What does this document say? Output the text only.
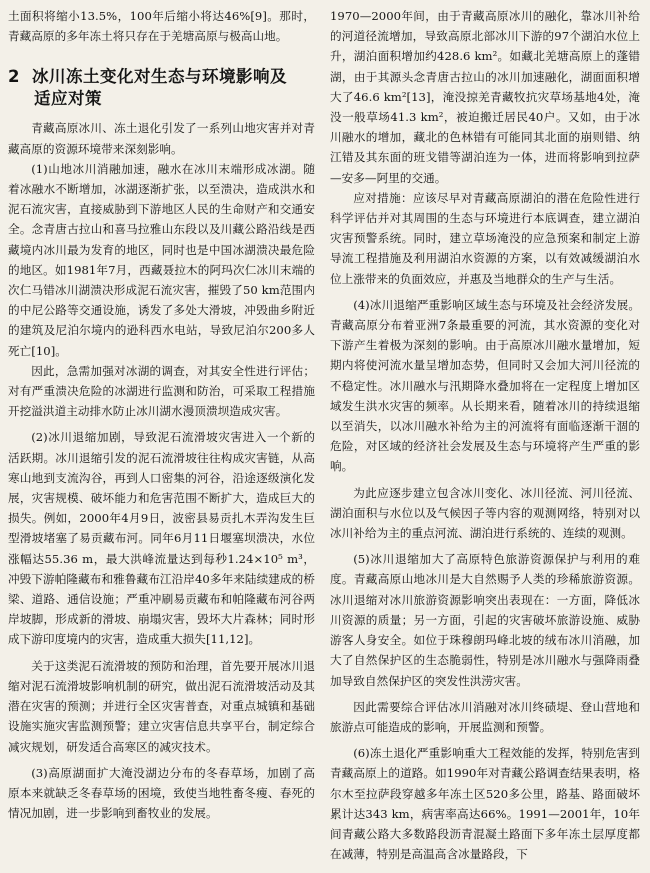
土面积将缩小13.5%，100年后缩小将达46%[9]。那时，青藏高原的多年冻土将只存在于羌塘高原与极高山地。

2 冰川冻土变化对生态与环境影响及
适应对策

青藏高原冰川、冻土退化引发了一系列山地灾害并对青藏高原的资源环境带来深刻影响。

(1)山地冰川消融加速，融水在冰川末端形成冰湖。随着冰融水不断增加，冰湖逐渐扩张，以至溃决，造成洪水和泥石流灾害，直接威胁到下游地区人民的生命财产和交通安全。念青唐古拉山和喜马拉雅山东段以及川藏公路沿线是西藏境内冰川最为发育的地区，同时也是中国冰湖溃决最危险的地区。如1981年7月，西藏聂拉木的阿玛次仁冰川末端的次仁马错冰川湖溃决形成泥石流灾害，摧毁了50 km范围内的中尼公路等交通设施，诱发了多处大滑坡，冲毁曲乡附近的建筑及尼泊尔境内的逊科西水电站，导致尼泊尔200多人死亡[10]。

因此，急需加强对冰湖的调查，对其安全性进行评估；对有严重溃决危险的冰湖进行监测和防治，可采取工程措施开挖溢洪道主动排水防止冰川湖水漫顶溃坝造成灾害。

(2)冰川退缩加剧，导致泥石流滑坡灾害进入一个新的活跃期。冰川退缩引发的泥石流滑坡往往构成灾害链，从高寒山地到支流沟谷，再到人口密集的河谷，沿途逐级演化发展，灾害规模、破坏能力和危害范围不断扩大，造成巨大的损失。例如，2000年4月9日，波密县易贡扎木弄沟发生巨型滑坡堵塞了易贡藏布河。同年6月11日堰塞坝溃决，水位涨幅达55.36 m，最大洪峰流量达到每秒1.24×10⁵ m³，冲毁下游帕隆藏布和雅鲁藏布江沿岸40多年来陆续建成的桥梁、道路、通信设施；严重冲刷易贡藏布和帕隆藏布河谷两岸坡脚，形成新的滑坡、崩塌灾害，毁坏大片森林；同时形成下游印度境内的灾害，造成重大损失[11,12]。

关于这类泥石流滑坡的预防和治理，首先要开展冰川退缩对泥石流滑坡影响机制的研究，做出泥石流滑坡活动及其潜在灾害的预测；并进行全区灾害普查，对重点城镇和基础设施实施灾害监测预警；建立灾害信息共享平台，制定综合减灾规划，研发适合高寒区的减灾技术。

(3)高原湖面扩大淹没湖边分布的冬春草场，加剧了高原本来就缺乏冬春草场的困境，致使当地牲畜冬瘦、春死的情况加剧，进一步影响到畜牧业的发展。

1970—2000年间，由于青藏高原冰川的融化，靠冰川补给的河道径流增加，导致高原北部冰川下游的97个湖泊水位上升，湖泊面积增加约428.6 km²。如藏北羌塘高原上的蓬错湖，由于其源头念青唐古拉山的冰川加速融化，湖面面积增大了46.6 km²[13]，淹没掠羌青藏牧抗灾草场基地4处，淹没一般草场41.3 km²，被迫搬迁居民40户。又如，由于冰川融水的增加，藏北的色林错有可能同其北面的崩则错、纳江错及其东面的班戈错等湖泊连为一体，进而将影响到拉萨—安多—阿里的交通。

应对措施：应该尽早对青藏高原湖泊的潜在危险性进行科学评估并对其周围的生态与环境进行本底调查，建立湖泊灾害预警系统。同时，建立草场淹没的应急预案和制定上游导流工程措施及利用湖泊水资源的方案，以有效减缓湖泊水位上涨带来的负面效应，并惠及当地群众的生产与生活。

(4)冰川退缩严重影响区域生态与环境及社会经济发展。青藏高原分布着亚洲7条最重要的河流，其水资源的变化对下游产生着极为深刻的影响。由于高原冰川融水量增加，短期内将使河流水量呈增加态势，但同时又会加大河川径流的不稳定性。冰川融水与汛期降水叠加将在一定程度上增加区域发生洪水灾害的频率。从长期来看，随着冰川的持续退缩以至消失，以冰川融水补给为主的河流将有面临逐渐干涸的危险，对区域的经济社会发展及生态与环境将产生严重的影响。

为此应逐步建立包含冰川变化、冰川径流、河川径流、湖泊面积与水位以及气候因子等内容的观测网络，特别对以冰川补给为主的重点河流、湖泊进行系统的、连续的观测。

(5)冰川退缩加大了高原特色旅游资源保护与利用的难度。青藏高原山地冰川是大自然赐予人类的珍稀旅游资源。冰川退缩对冰川旅游资源影响突出表现在：一方面，降低冰川资源的质量；另一方面，引起的灾害破坏旅游设施、威胁游客人身安全。如位于珠穆朗玛峰北坡的绒布冰川消融，加大了自然保护区的生态脆弱性，特别是冰川融水与强降雨叠加导致自然保护区的突发性洪涝灾害。

因此需要综合评估冰川消融对冰川终碛堤、登山营地和旅游点可能造成的影响，开展监测和预警。

(6)冻土退化严重影响重大工程效能的发挥，特别危害到青藏高原上的道路。如1990年对青藏公路调查结果表明，格尔木至拉萨段穿越多年冻土区520多公里，路基、路面破坏累计达343 km，病害率高达66%。1991—2001年，10年间青藏公路大多数路段沥青混凝土路面下多年冻土层厚度都在减薄，特别是高温高含冰量路段，下
